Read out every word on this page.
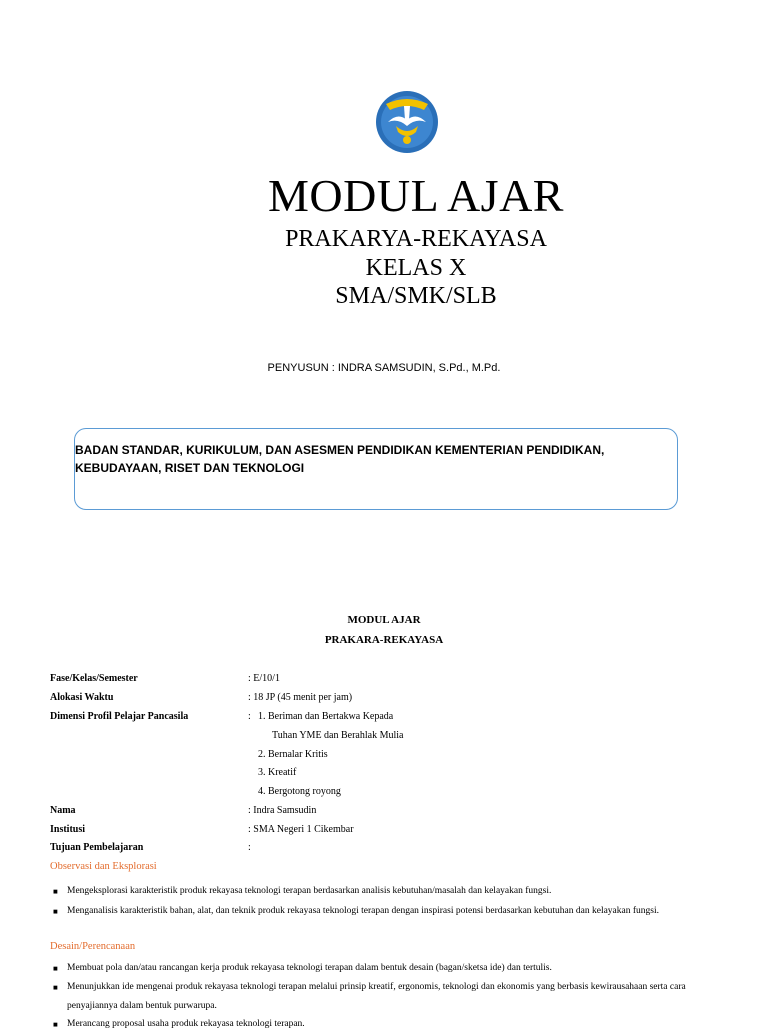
MODUL AJAR
PRAKARYA-REKAYASA
KELAS X
SMA/SMK/SLB
PENYUSUN : INDRA SAMSUDIN, S.Pd., M.Pd.
BADAN STANDAR, KURIKULUM, DAN ASESMEN PENDIDIKAN KEMENTERIAN PENDIDIKAN, KEBUDAYAAN, RISET DAN TEKNOLOGI
MODUL AJAR
PRAKARA-REKAYASA
Fase/Kelas/Semester	: E/10/1
Alokasi Waktu	: 18 JP (45 menit per jam)
Dimensi Profil Pelajar Pancasila	: 1. Beriman dan Bertakwa Kepada
Tuhan YME dan Berahlak Mulia
2. Bernalar Kritis
3. Kreatif
4. Bergotong royong
Nama	: Indra Samsudin
Institusi	: SMA Negeri 1 Cikembar
Tujuan Pembelajaran	:
Observasi dan Eksplorasi
■ Mengeksplorasi karakteristik produk rekayasa teknologi terapan berdasarkan analisis kebutuhan/masalah dan kelayakan fungsi.
■ Menganalisis karakteristik bahan, alat, dan teknik produk rekayasa teknologi terapan dengan inspirasi potensi berdasarkan kebutuhan dan kelayakan fungsi.
Desain/Perencanaan
■ Membuat pola dan/atau rancangan kerja produk rekayasa teknologi terapan dalam bentuk desain (bagan/sketsa ide) dan tertulis.
■ Menunjukkan ide mengenai produk rekayasa teknologi terapan melalui prinsip kreatif, ergonomis, teknologi dan ekonomis yang berbasis kewirausahaan serta cara penyajiannya dalam bentuk purwarupa.
■ Merancang proposal usaha produk rekayasa teknologi terapan.
